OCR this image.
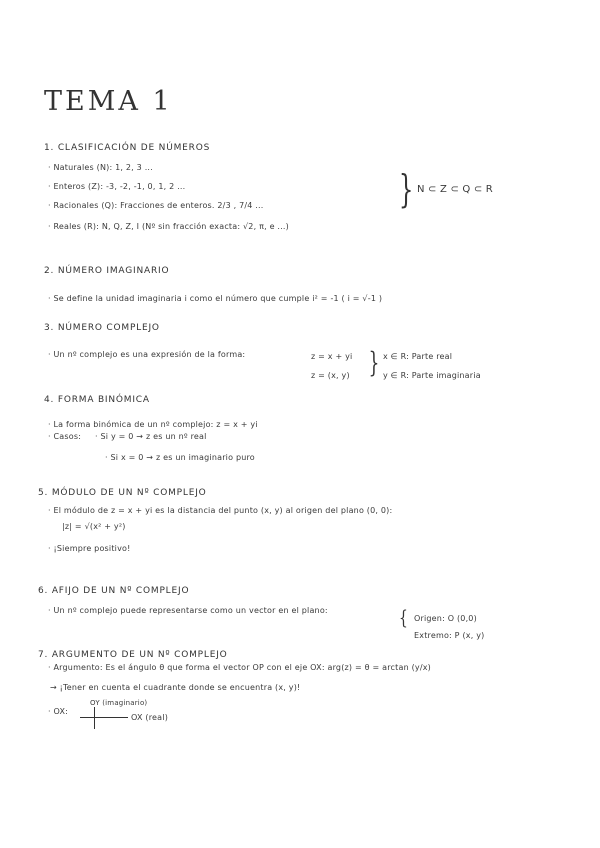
TEMA 1
1. CLASIFICACIÓN DE NÚMEROS
· Naturales (N): 1, 2, 3 ...
· Enteros (Z): -3, -2, -1, 0, 1, 2 ...
· Racionales (Q): Fracciones de enteros. 2/3 , 7/4 ...
· Reales (R): N, Q, Z, I (Nº sin fracción exacta: √2, π, e ...)
} N ⊂ Z ⊂ Q ⊂ R
2. NÚMERO IMAGINARIO
· Se define la unidad imaginaria i como el número que cumple i² = -1 ( i = √-1 )
3. NÚMERO COMPLEJO
· Un nº complejo es una expresión de la forma:	z = x + yi
z = (x, y) } x ∈ R: Parte real
y ∈ R: Parte imaginaria
4. FORMA BINÓMICA
· La forma binómica de un nº complejo: z = x + yi
· Casos:
·	Si y = 0 → z es un nº real
· Si x = 0 → z es un imaginario puro
5. MÓDULO DE UN Nº COMPLEJO
· El módulo de z = x + yi es la distancia del punto (x, y) al origen del plano (0, 0):
|z| = √(x² + y²)
· ¡Siempre positivo!
6. AFIJO DE UN Nº COMPLEJO
· Un nº complejo puede representarse como un vector en el plano:	} Origen: O (0,0)
Extremo: P (x, y)
7. ARGUMENTO DE UN Nº COMPLEJO
· Argumento: Es el ángulo θ que forma el vector OP con el eje OX: arg(z) = θ = arctan (y/x)
→ ¡Tener en cuenta el cuadrante donde se encuentra (x, y)!
· OX:
OY (imaginario)
OX (real)
